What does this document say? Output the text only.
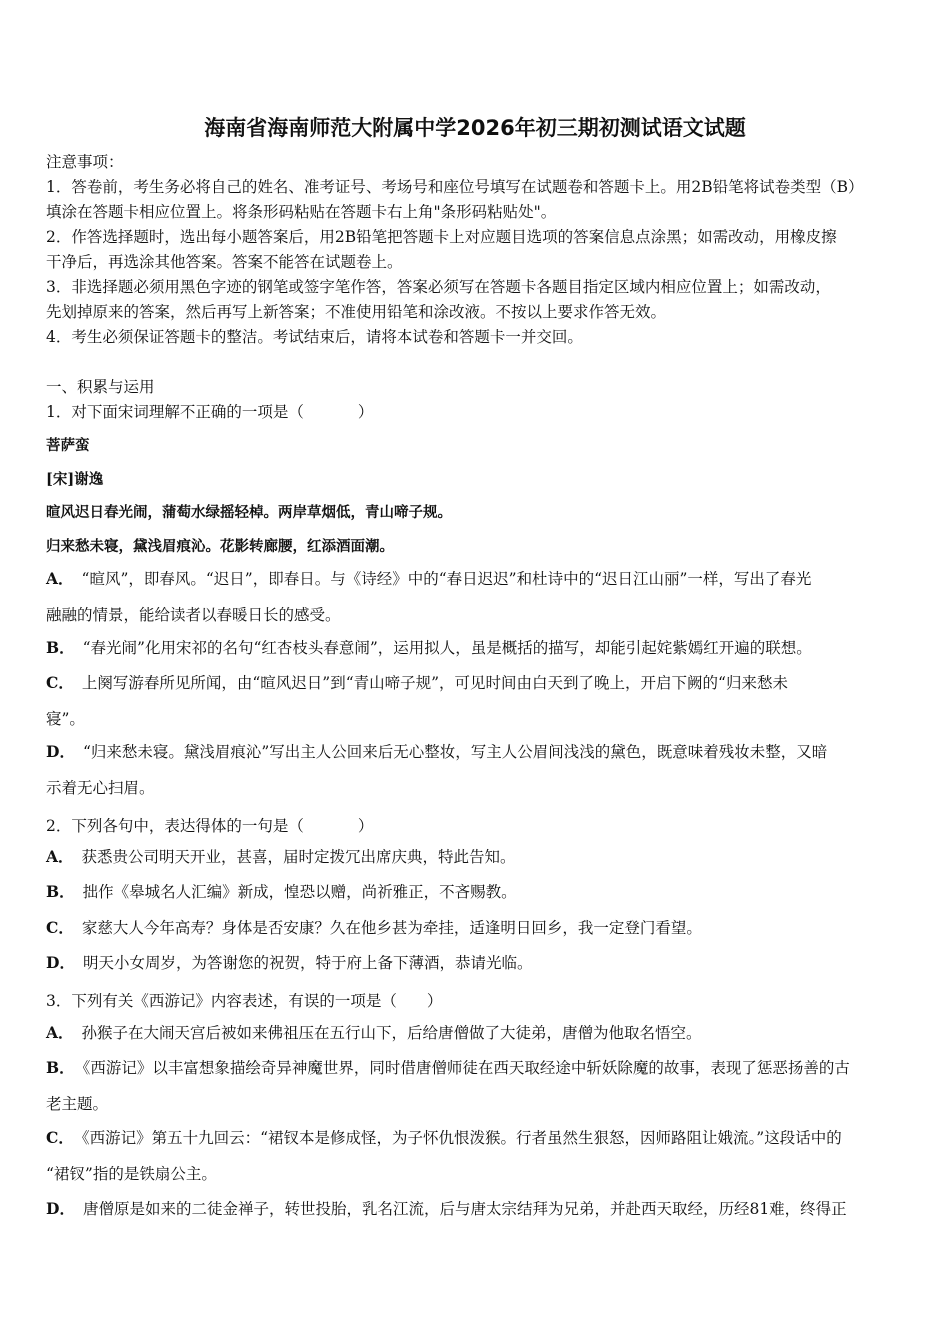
海南省海南师范大附属中学2026年初三期初测试语文试题

注意事项：

1．答卷前，考生务必将自己的姓名、准考证号、考场号和座位号填写在试题卷和答题卡上。用2B铅笔将试卷类型（B）

填涂在答题卡相应位置上。将条形码粘贴在答题卡右上角"条形码粘贴处"。

2．作答选择题时，选出每小题答案后，用2B铅笔把答题卡上对应题目选项的答案信息点涂黑；如需改动，用橡皮擦

干净后，再选涂其他答案。答案不能答在试题卷上。

3．非选择题必须用黑色字迹的钢笔或签字笔作答，答案必须写在答题卡各题目指定区域内相应位置上；如需改动，

先划掉原来的答案，然后再写上新答案；不准使用铅笔和涂改液。不按以上要求作答无效。

4．考生必须保证答题卡的整洁。考试结束后，请将本试卷和答题卡一并交回。

一、积累与运用
1．对下面宋词理解不正确的一项是（	）
菩萨蛮
[宋]谢逸
暄风迟日春光闹，蒲萄水绿摇轻棹。两岸草烟低，青山啼子规。
归来愁未寝，黛浅眉痕沁。花影转廊腰，红添酒面潮。
A． “暄风”，即春风。“迟日”，即春日。与《诗经》中的“春日迟迟”和杜诗中的“迟日江山丽”一样，写出了春光
融融的情景，能给读者以春暖日长的感受。
B． “春光闹”化用宋祁的名句“红杏枝头春意闹”，运用拟人，虽是概括的描写，却能引起姹紫嫣红开遍的联想。
C． 上阕写游春所见所闻，由“暄风迟日”到“青山啼子规”，可见时间由白天到了晚上，开启下阙的“归来愁未
寝”。
D． “归来愁未寝。黛浅眉痕沁”写出主人公回来后无心整妆，写主人公眉间浅浅的黛色，既意味着残妆未整，又暗
示着无心扫眉。
2．下列各句中，表达得体的一句是（	）
A． 获悉贵公司明天开业，甚喜，届时定拨冗出席庆典，特此告知。
B． 拙作《皋城名人汇编》新成，惶恐以赠，尚祈雅正，不吝赐教。
C． 家慈大人今年高寿？身体是否安康？久在他乡甚为牵挂，适逢明日回乡，我一定登门看望。
D． 明天小女周岁，为答谢您的祝贺，特于府上备下薄酒，恭请光临。
3．下列有关《西游记》内容表述，有误的一项是（ ）
A． 孙猴子在大闹天宫后被如来佛祖压在五行山下，后给唐僧做了大徒弟，唐僧为他取名悟空。
B． 《西游记》以丰富想象描绘奇异神魔世界，同时借唐僧师徒在西天取经途中斩妖除魔的故事，表现了惩恶扬善的古
老主题。
C． 《西游记》第五十九回云：“裙钗本是修成怪，为子怀仇恨泼猴。行者虽然生狠怒，因师路阻让娥流。”这段话中的
“裙钗”指的是铁扇公主。
D． 唐僧原是如来的二徒金禅子，转世投胎，乳名江流，后与唐太宗结拜为兄弟，并赴西天取经，历经81难，终得正
